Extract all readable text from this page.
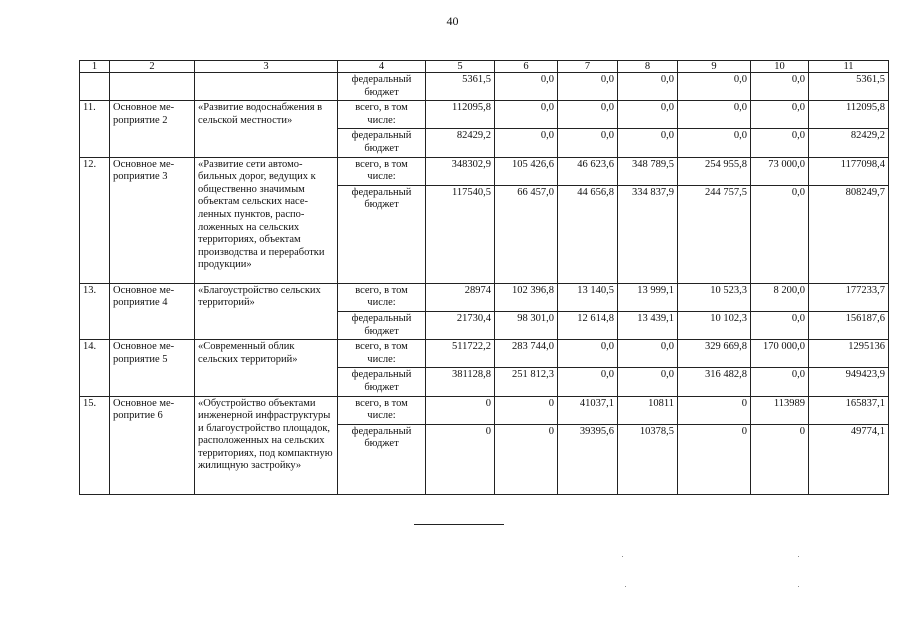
40
1	2	3	4	5	6	7	8	9	10	11
			федеральный бюджет	5361,5	0,0	0,0	0,0	0,0	0,0	5361,5
11.	Основное мероприятие 2	«Развитие водоснабжения в сельской местности»	всего, в том числе:	112095,8	0,0	0,0	0,0	0,0	0,0	112095,8
			федеральный бюджет	82429,2	0,0	0,0	0,0	0,0	0,0	82429,2
12.	Основное мероприятие 3	«Развитие сети автомобильных дорог, ведущих к общественно значимым объектам сельских населенных пунктов, расположенных на сельских территориях, объектам производства и переработки продукции»	всего, в том числе:	348302,9	105 426,6	46 623,6	348 789,5	254 955,8	73 000,0	1177098,4
			федеральный бюджет	117540,5	66 457,0	44 656,8	334 837,9	244 757,5	0,0	808249,7
13.	Основное мероприятие 4	«Благоустройство сельских территорий»	всего, в том числе:	28974	102 396,8	13 140,5	13 999,1	10 523,3	8 200,0	177233,7
			федеральный бюджет	21730,4	98 301,0	12 614,8	13 439,1	10 102,3	0,0	156187,6
14.	Основное мероприятие 5	«Современный облик сельских территорий»	всего, в том числе:	511722,2	283 744,0	0,0	0,0	329 669,8	170 000,0	1295136
			федеральный бюджет	381128,8	251 812,3	0,0	0,0	316 482,8	0,0	949423,9
15.	Основное меропритие 6	«Обустройство объектами инженерной инфраструктуры и благоустройство площадок, расположенных на сельских территориях, под компактную жилищную застройку»	всего, в том числе:	0	0	41037,1	10811	0	113989	165837,1
			федеральный бюджет	0	0	39395,6	10378,5	0	0	49774,1
